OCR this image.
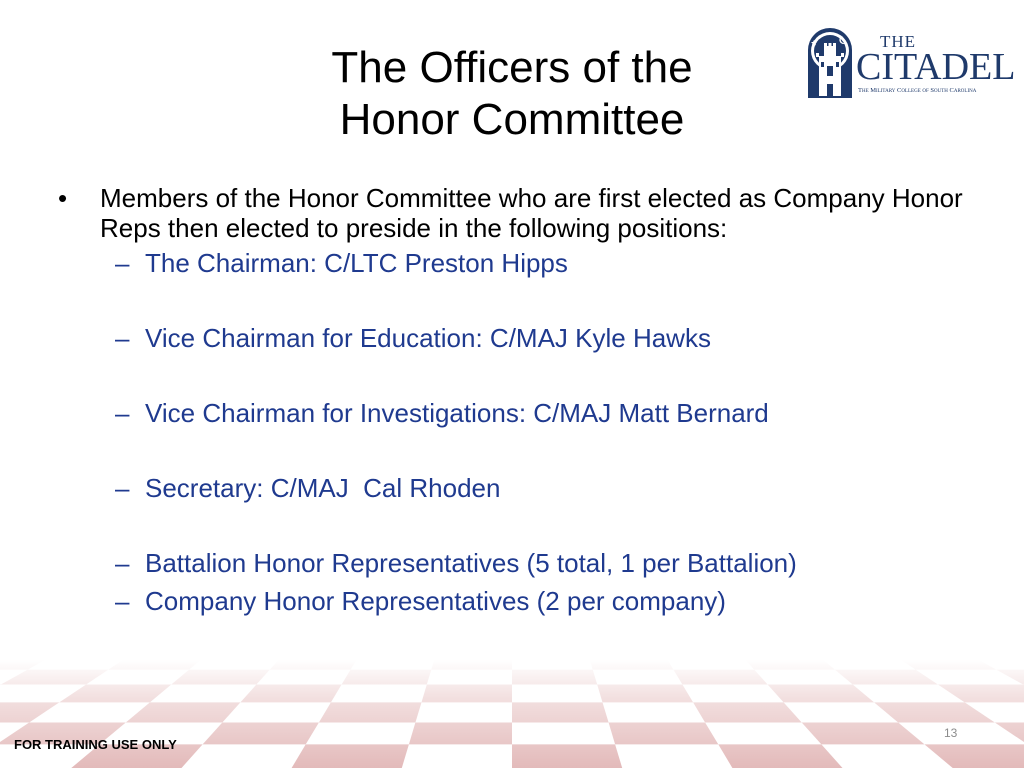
The Officers of the
Honor Committee
THE
CITADEL
The Military College of South Carolina
• Members of the Honor Committee who are first elected as Company Honor Reps then elected to preside in the following positions:
– The Chairman: C/LTC Preston Hipps
– Vice Chairman for Education: C/MAJ Kyle Hawks
– Vice Chairman for Investigations: C/MAJ Matt Bernard
– Secretary: C/MAJ  Cal Rhoden
– Battalion Honor Representatives (5 total, 1 per Battalion)
– Company Honor Representatives (2 per company)
FOR TRAINING USE ONLY
13
